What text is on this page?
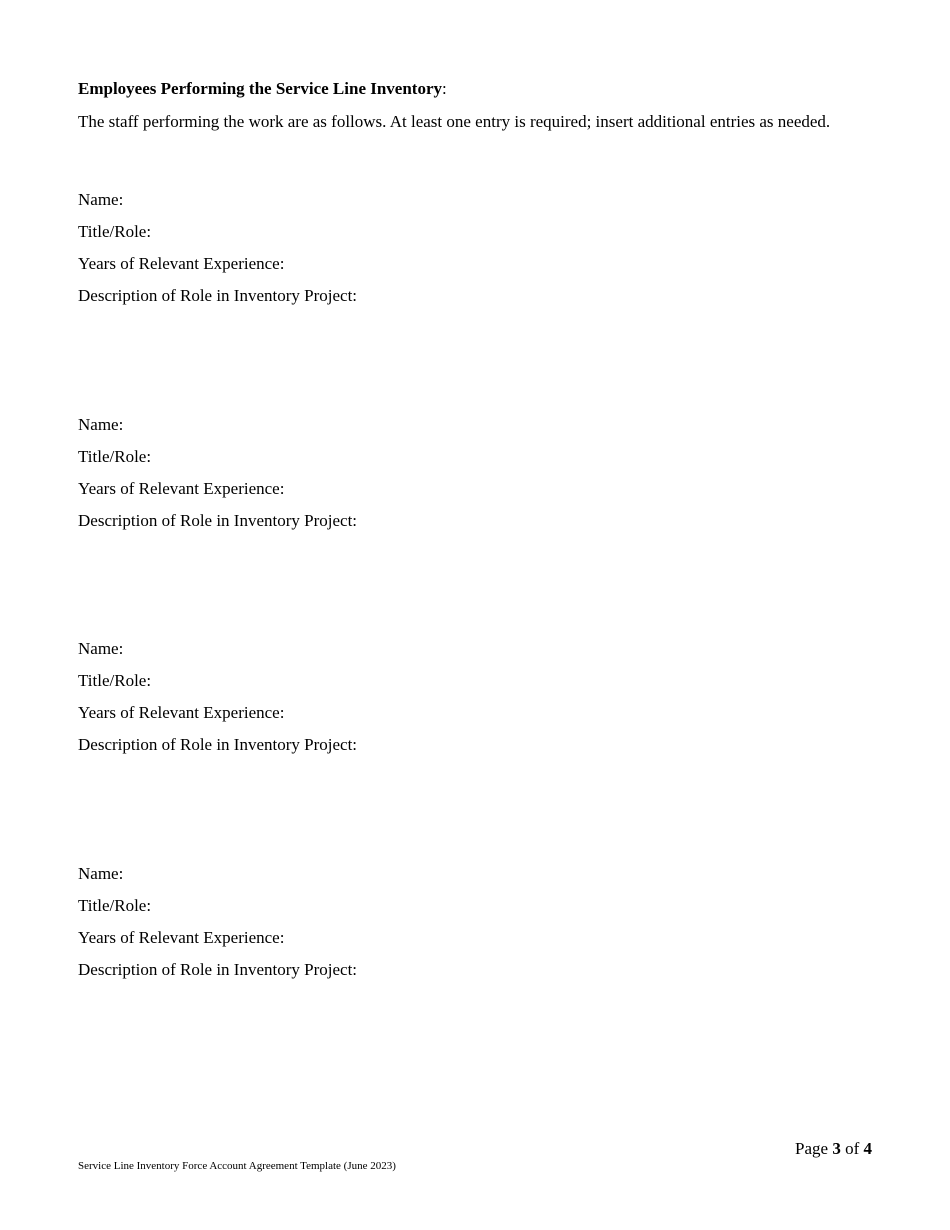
Employees Performing the Service Line Inventory:

The staff performing the work are as follows. At least one entry is required; insert additional entries as needed.

Name:

Title/Role:

Years of Relevant Experience:

Description of Role in Inventory Project:

Name:

Title/Role:

Years of Relevant Experience:

Description of Role in Inventory Project:

Name:

Title/Role:

Years of Relevant Experience:

Description of Role in Inventory Project:

Name:

Title/Role:

Years of Relevant Experience:

Description of Role in Inventory Project:

Page 3 of 4
Service Line Inventory Force Account Agreement Template (June 2023)
